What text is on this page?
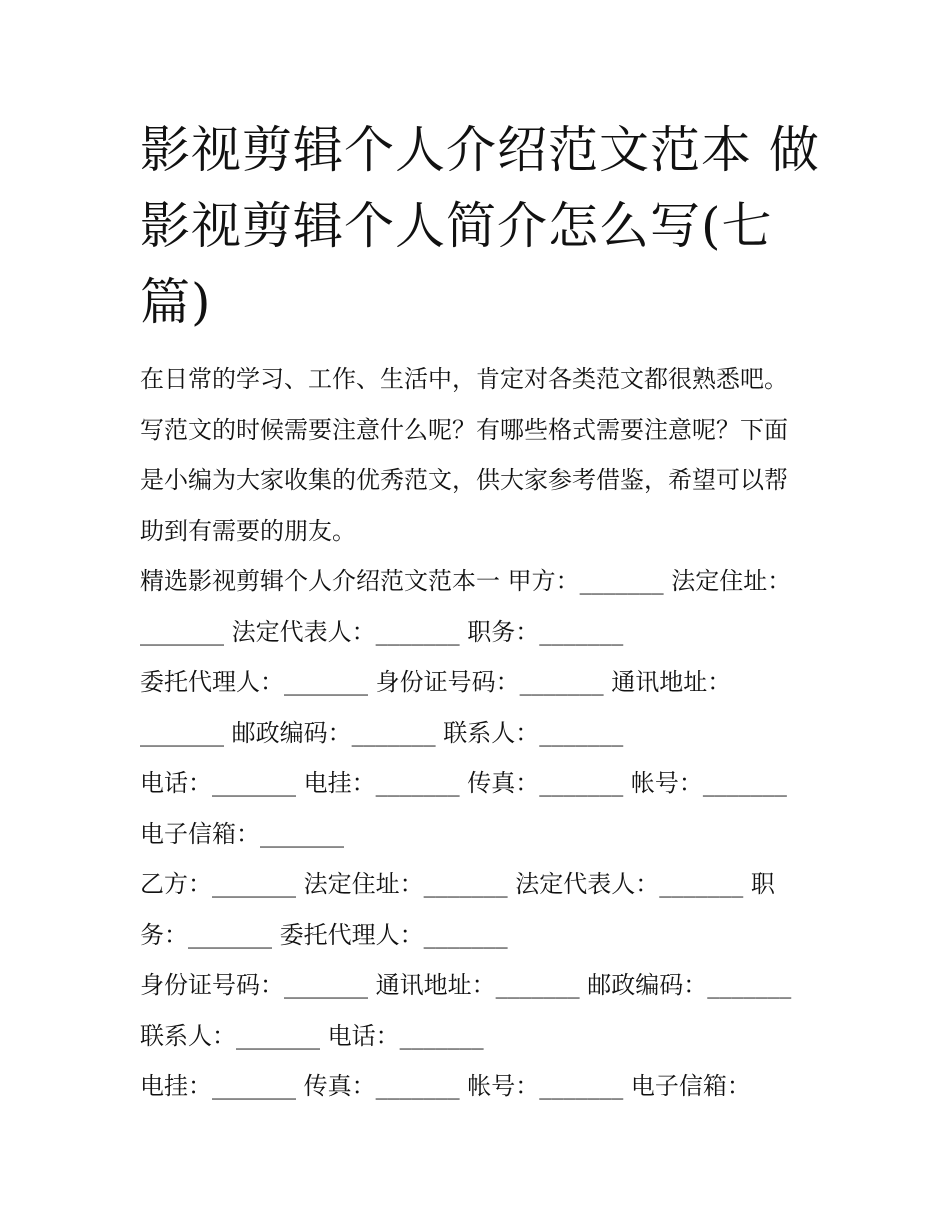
影视剪辑个人介绍范文范本 做
影视剪辑个人简介怎么写(七
篇)

在日常的学习、工作、生活中，肯定对各类范文都很熟悉吧。

写范文的时候需要注意什么呢？有哪些格式需要注意呢？下面

是小编为大家收集的优秀范文，供大家参考借鉴，希望可以帮

助到有需要的朋友。

精选影视剪辑个人介绍范文范本一 甲方：_______ 法定住址：

_______ 法定代表人：_______ 职务：_______

委托代理人：_______ 身份证号码：_______ 通讯地址：

_______ 邮政编码：_______ 联系人：_______

电话：_______ 电挂：_______ 传真：_______ 帐号：_______

电子信箱：_______

乙方：_______ 法定住址：_______ 法定代表人：_______ 职

务：_______ 委托代理人：_______

身份证号码：_______ 通讯地址：_______ 邮政编码：_______

联系人：_______ 电话：_______

电挂：_______ 传真：_______ 帐号：_______ 电子信箱：
